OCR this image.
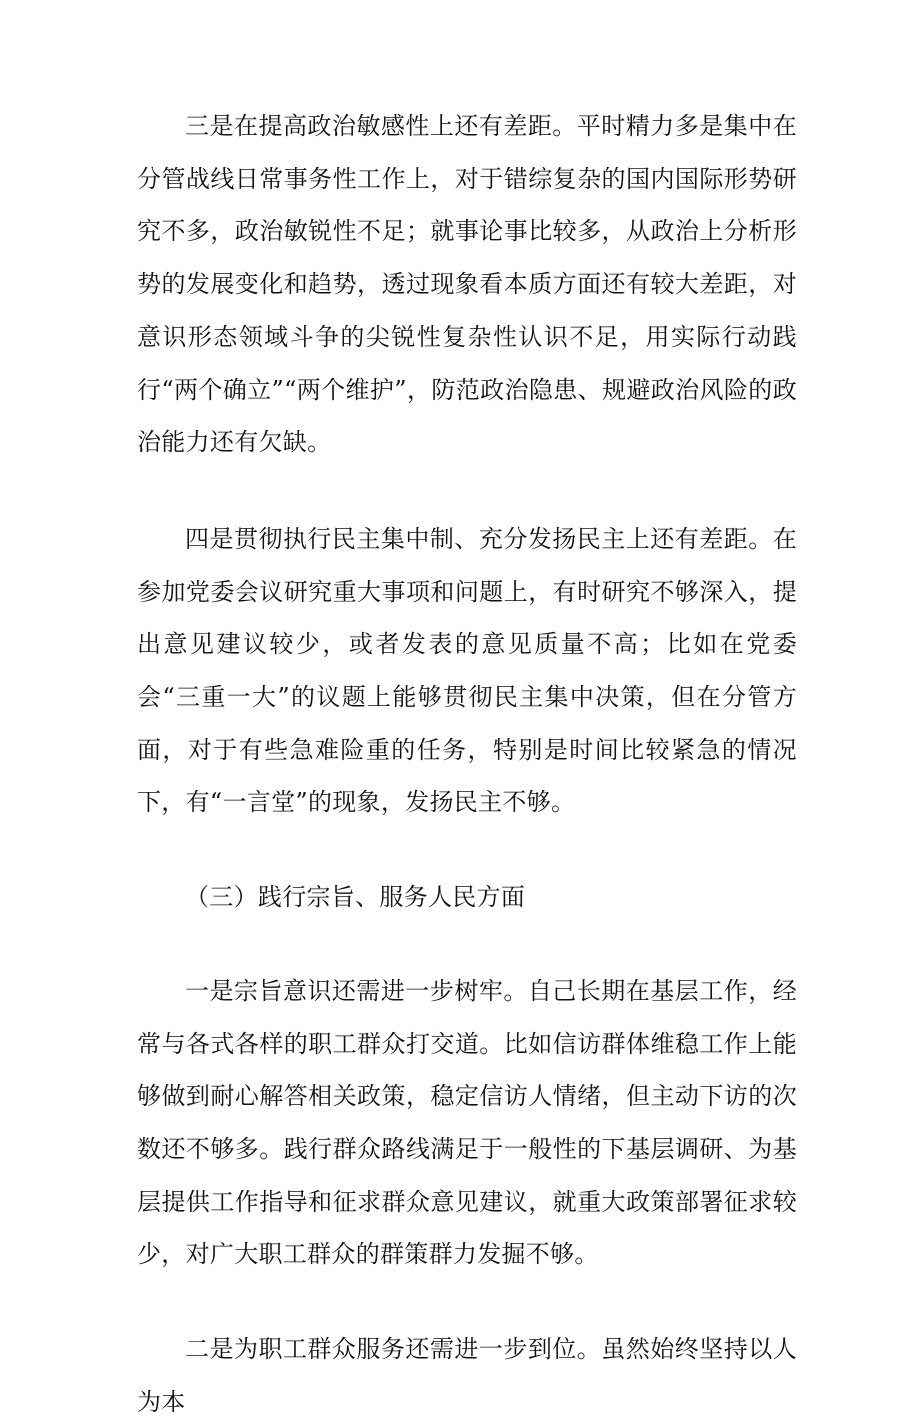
三是在提高政治敏感性上还有差距。平时精力多是集中在分管战线日常事务性工作上，对于错综复杂的国内国际形势研究不多，政治敏锐性不足；就事论事比较多，从政治上分析形势的发展变化和趋势，透过现象看本质方面还有较大差距，对意识形态领域斗争的尖锐性复杂性认识不足，用实际行动践行“两个确立”“两个维护”，防范政治隐患、规避政治风险的政治能力还有欠缺。

四是贯彻执行民主集中制、充分发扬民主上还有差距。在参加党委会议研究重大事项和问题上，有时研究不够深入，提出意见建议较少，或者发表的意见质量不高；比如在党委会“三重一大”的议题上能够贯彻民主集中决策，但在分管方面，对于有些急难险重的任务，特别是时间比较紧急的情况下，有“一言堂”的现象，发扬民主不够。

（三）践行宗旨、服务人民方面

一是宗旨意识还需进一步树牢。自己长期在基层工作，经常与各式各样的职工群众打交道。比如信访群体维稳工作上能够做到耐心解答相关政策，稳定信访人情绪，但主动下访的次数还不够多。践行群众路线满足于一般性的下基层调研、为基层提供工作指导和征求群众意见建议，就重大政策部署征求较少，对广大职工群众的群策群力发掘不够。

二是为职工群众服务还需进一步到位。虽然始终坚持以人为本
